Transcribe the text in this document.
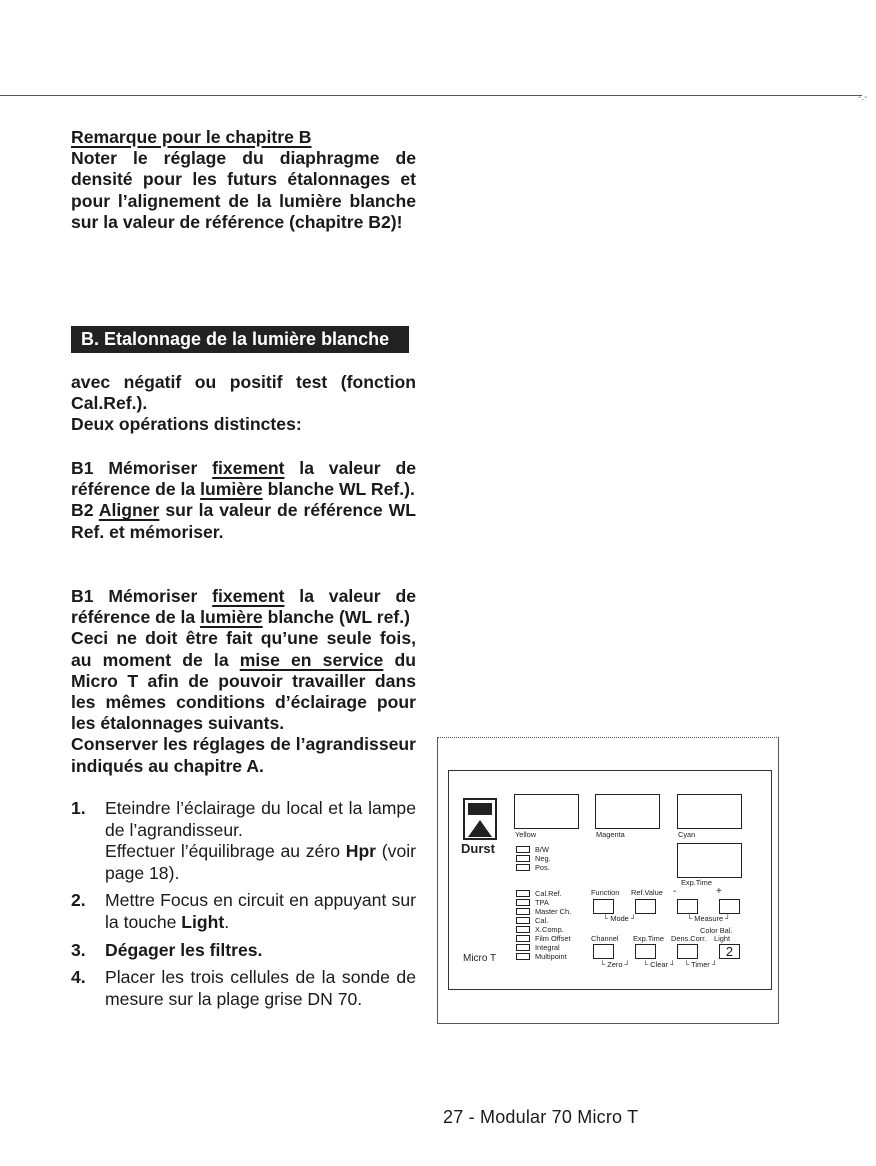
-.-
Remarque pour le chapitre B
Noter le réglage du diaphragme de densité pour les futurs étalonnages et pour l’alignement de la lumière blanche sur la valeur de référence (chapitre B2)!
B. Etalonnage de la lumière blanche
avec négatif ou positif test (fonction Cal.Ref.).
Deux opérations distinctes:
B1 Mémoriser fixement la valeur de référence de la lumière blanche WL Ref.).
B2 Aligner sur la valeur de référence WL Ref. et mémoriser.
B1 Mémoriser fixement la valeur de référence de la lumière blanche (WL ref.)
Ceci ne doit être fait qu’une seule fois, au moment de la mise en service du Micro T afin de pouvoir travailler dans les mêmes conditions d’éclairage pour les étalonnages suivants.
Conserver les réglages de l’agrandisseur indiqués au chapitre A.
1. Eteindre l’éclairage du local et la lampe de l’agrandisseur.
Effectuer l’équilibrage au zéro Hpr (voir page 18).
2. Mettre Focus en circuit en appuyant sur la touche Light.
3. Dégager les filtres.
4. Placer les trois cellules de la sonde de mesure sur la plage grise DN 70.
Durst
Micro T
Yellow	Magenta	Cyan
Exp.Time
B/W
Neg.
Pos.
Cal.Ref.
TPA
Master Ch.
Cal.
X.Comp.
Film Offset
Integral
Multipoint
Function Ref.Value -	+
└ Mode ┘	└ Measure ┘
Color Bal.
Channel Exp.Time Dens.Corr. Light
2
└ Zero ┘ └ Clear ┘ └ Timer ┘
27 - Modular 70 Micro T
